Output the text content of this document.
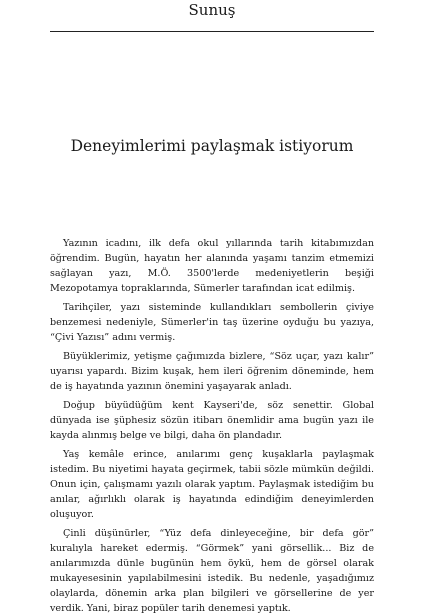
Sunuş
Deneyimlerimi paylaşmak istiyorum

Yazının icadını, ilk defa okul yıllarında tarih kitabımızdan öğrendim. Bugün, hayatın her alanında yaşamı tanzim etmemizi sağlayan yazı, M.Ö. 3500'lerde medeniyetlerin beşiği Mezopotamya topraklarında, Sümerler tarafından icat edilmiş.

Tarihçiler, yazı sisteminde kullandıkları sembollerin çiviye benzemesi nedeniyle, Sümerler'in taş üzerine oyduğu bu yazıya, “Çivi Yazısı” adını vermiş.

Büyüklerimiz, yetişme çağımızda bizlere, “Söz uçar, yazı kalır” uyarısı yapardı. Bizim kuşak, hem ileri öğrenim döneminde, hem de iş hayatında yazının önemini yaşayarak anladı.

Doğup büyüdüğüm kent Kayseri'de, söz senettir. Global dünyada ise şüphesiz sözün itibarı önemlidir ama bugün yazı ile kayda alınmış belge ve bilgi, daha ön plandadır.

Yaş kemâle erince, anılarımı genç kuşaklarla paylaşmak istedim. Bu niyetimi hayata geçirmek, tabii sözle mümkün değildi. Onun için, çalışmamı yazılı olarak yaptım. Paylaşmak istediğim bu anılar, ağırlıklı olarak iş hayatında edindiğim deneyimlerden oluşuyor.

Çinli düşünürler, “Yüz defa dinleyeceğine, bir defa gör” kuralıyla hareket edermiş. “Görmek” yani görsellik... Biz de anılarımızda dünle bugünün hem öykü, hem de görsel olarak mukayesesinin yapılabilmesini istedik. Bu nedenle, yaşadığımız olaylarda, dönemin arka plan bilgileri ve görsellerine de yer verdik. Yani, biraz popüler tarih denemesi yaptık.
